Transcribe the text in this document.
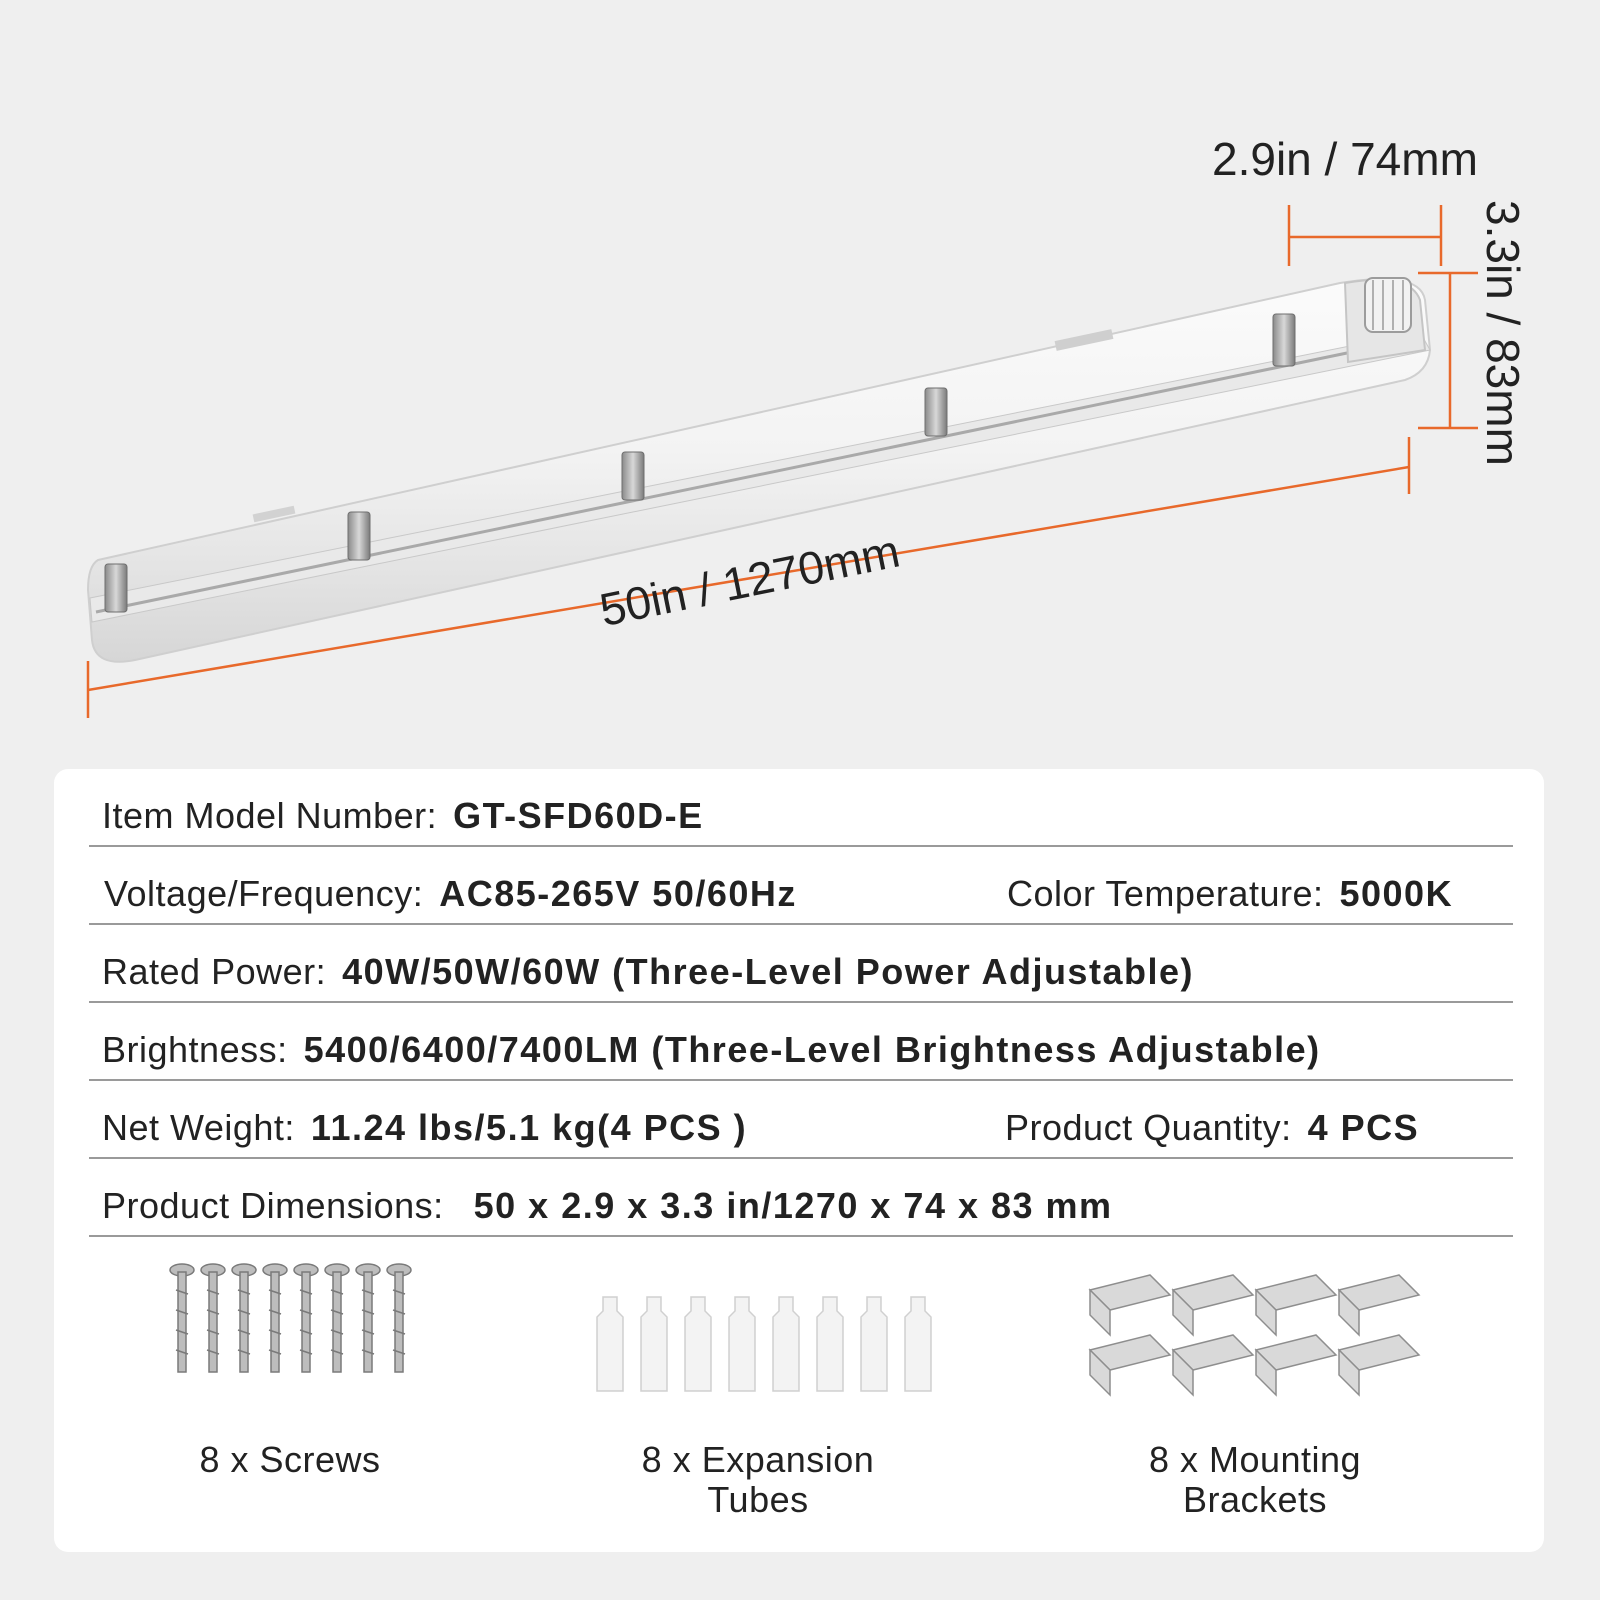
2.9in / 74mm
3.3in / 83mm
50in / 1270mm
Item Model Number: GT-SFD60D-E
Voltage/Frequency: AC85-265V 50/60Hz	Color Temperature: 5000K
Rated Power: 40W/50W/60W (Three-Level Power Adjustable)
Brightness: 5400/6400/7400LM (Three-Level Brightness Adjustable)
Net Weight: 11.24 lbs/5.1 kg(4 PCS )	Product Quantity: 4 PCS
Product Dimensions: 50 x 2.9 x 3.3 in/1270 x 74 x 83 mm
8 x Screws	8 x Expansion
Tubes
8 x Mounting
Brackets
